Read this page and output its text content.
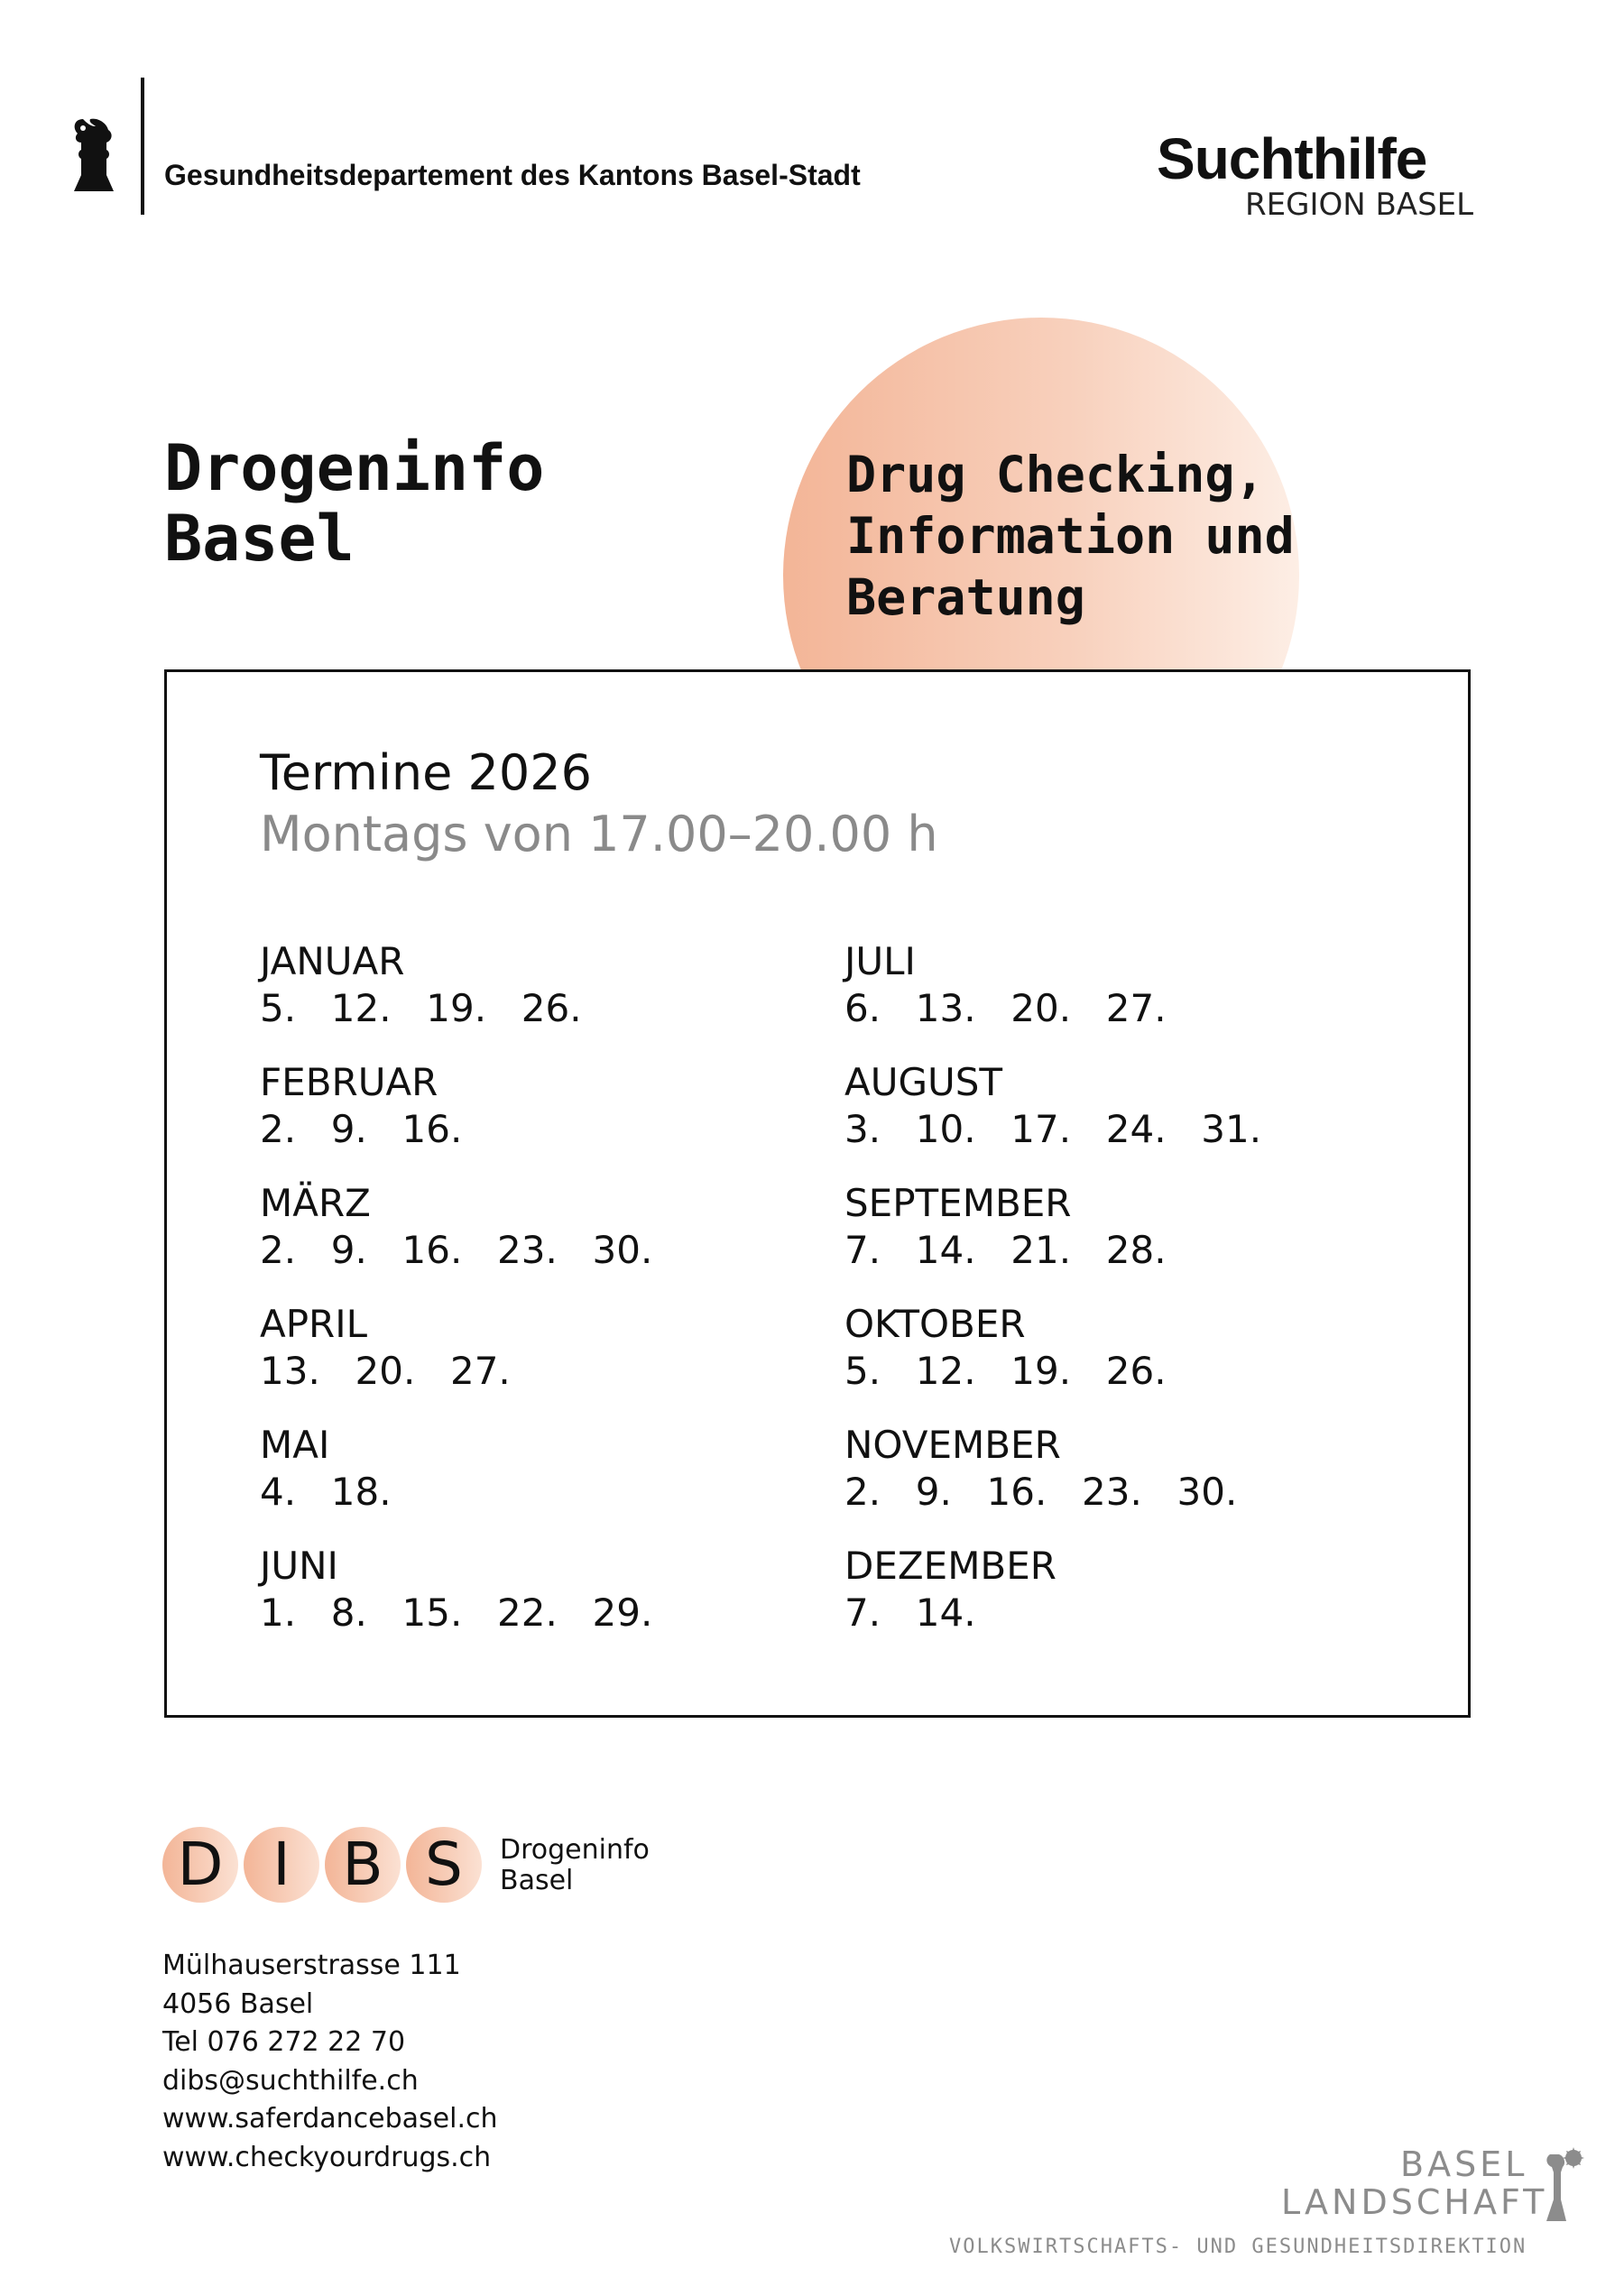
Gesundheitsdepartement des Kantons Basel-Stadt	Suchthilfe
REGION BASEL
Drogeninfo
Basel
Drug Checking,
Information und
Beratung
Termine 2026
Montags von 17.00–20.00 h
JANUAR
5.  12.  19.  26.
FEBRUAR
2.  9.  16.
MÄRZ
2.  9.  16.  23.  30.
APRIL
13.  20.  27.
MAI
4.  18.
JUNI
1.  8.  15.  22.  29.
JULI
6.  13.  20.  27.
AUGUST
3.  10.  17.  24.  31.
SEPTEMBER
7.  14.  21.  28.
OKTOBER
5.  12.  19.  26.
NOVEMBER
2.  9.  16.  23.  30.
DEZEMBER
7.  14.
D I B S	Drogeninfo
Basel
Mülhauserstrasse 111
4056 Basel
Tel 076 272 22 70
dibs@suchthilfe.ch
www.saferdancebasel.ch
www.checkyourdrugs.ch	BASEL
LANDSCHAFT
VOLKSWIRTSCHAFTS- UND GESUNDHEITSDIREKTION
